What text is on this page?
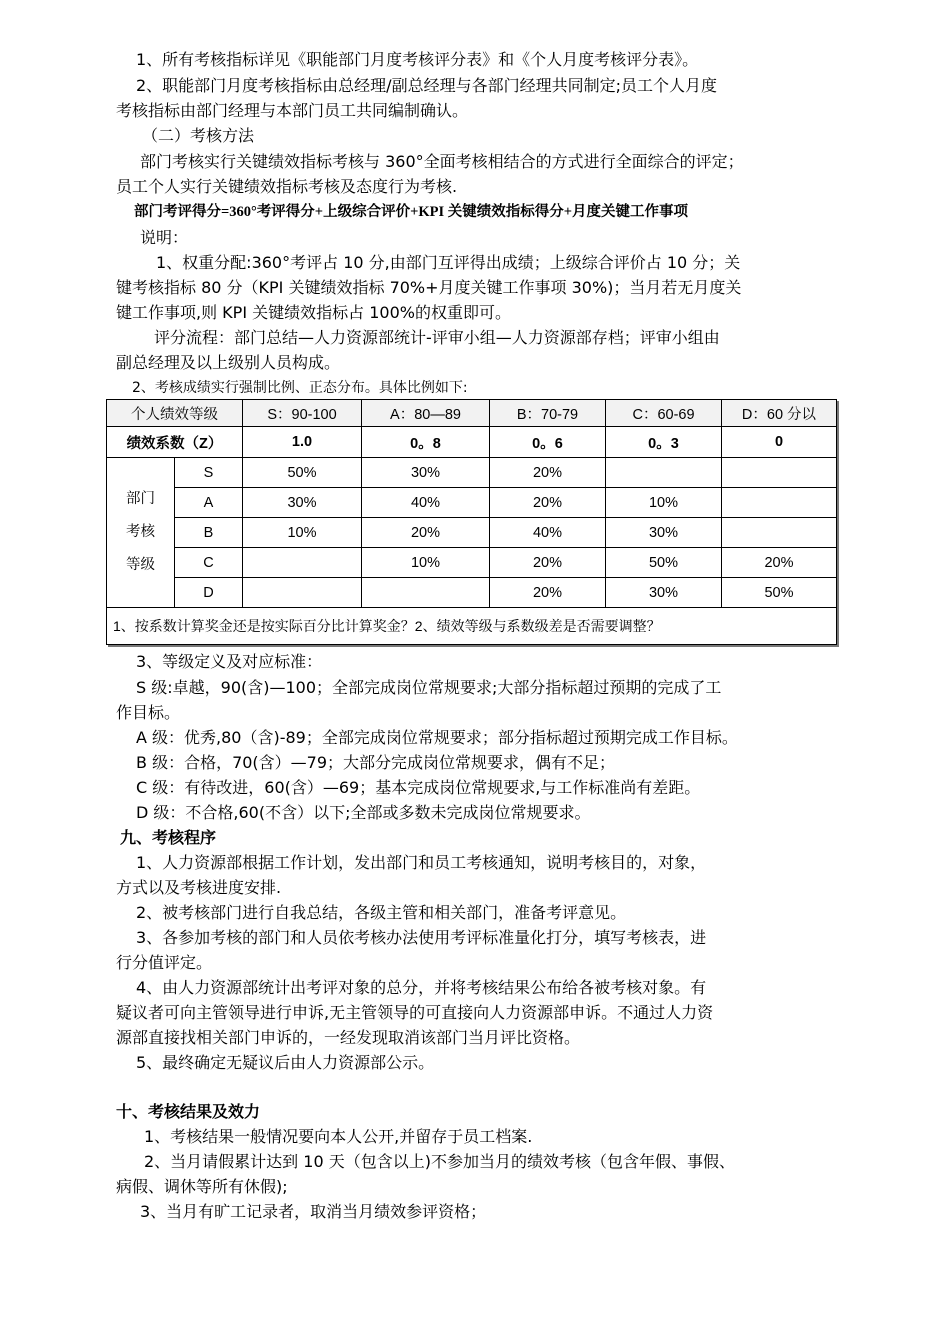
1、所有考核指标详见《职能部门月度考核评分表》和《个人月度考核评分表》。
2、职能部门月度考核指标由总经理/副总经理与各部门经理共同制定;员工个人月度
考核指标由部门经理与本部门员工共同编制确认。
（二）考核方法
部门考核实行关键绩效指标考核与 360°全面考核相结合的方式进行全面综合的评定；
员工个人实行关键绩效指标考核及态度行为考核.
部门考评得分=360°考评得分+上级综合评价+KPI 关键绩效指标得分+月度关键工作事项
说明：
1、权重分配:360°考评占 10 分,由部门互评得出成绩；上级综合评价占 10 分；关
键考核指标 80 分（KPI 关键绩效指标 70%+月度关键工作事项 30%)；当月若无月度关
键工作事项,则 KPI 关键绩效指标占 100%的权重即可。
评分流程：部门总结—人力资源部统计-评审小组—人力资源部存档；评审小组由
副总经理及以上级别人员构成。
2、考核成绩实行强制比例、正态分布。具体比例如下:
个人绩效等级		S：90-100	A：80—89	B：70-79	C：60-69	D：60 分以
绩效系数（Z）		1.0	0。8	0。6	0。3	0
部门
考核
等级	S	50%	30%	20%		
	A	30%	40%	20%	10%	
	B	10%	20%	40%	30%	
	C		10%	20%	50%	20%
	D			20%	30%	50%
1、按系数计算奖金还是按实际百分比计算奖金？2、绩效等级与系数级差是否需要调整？						
3、等级定义及对应标准：
S 级:卓越，90(含)—100；全部完成岗位常规要求;大部分指标超过预期的完成了工
作目标。
A 级：优秀,80（含)-89；全部完成岗位常规要求；部分指标超过预期完成工作目标。
B 级：合格，70(含）—79；大部分完成岗位常规要求，偶有不足；
C 级：有待改进，60(含）—69；基本完成岗位常规要求,与工作标准尚有差距。
D 级：不合格,60(不含）以下;全部或多数未完成岗位常规要求。
九、考核程序
1、人力资源部根据工作计划，发出部门和员工考核通知，说明考核目的，对象，
方式以及考核进度安排.
2、被考核部门进行自我总结，各级主管和相关部门，准备考评意见。
3、各参加考核的部门和人员依考核办法使用考评标准量化打分，填写考核表，进
行分值评定。
4、由人力资源部统计出考评对象的总分，并将考核结果公布给各被考核对象。有
疑议者可向主管领导进行申诉,无主管领导的可直接向人力资源部申诉。不通过人力资
源部直接找相关部门申诉的，一经发现取消该部门当月评比资格。
5、最终确定无疑议后由人力资源部公示。
十、考核结果及效力
1、考核结果一般情况要向本人公开,并留存于员工档案.
2、当月请假累计达到 10 天（包含以上)不参加当月的绩效考核（包含年假、事假、
病假、调休等所有休假);
3、当月有旷工记录者，取消当月绩效参评资格；
